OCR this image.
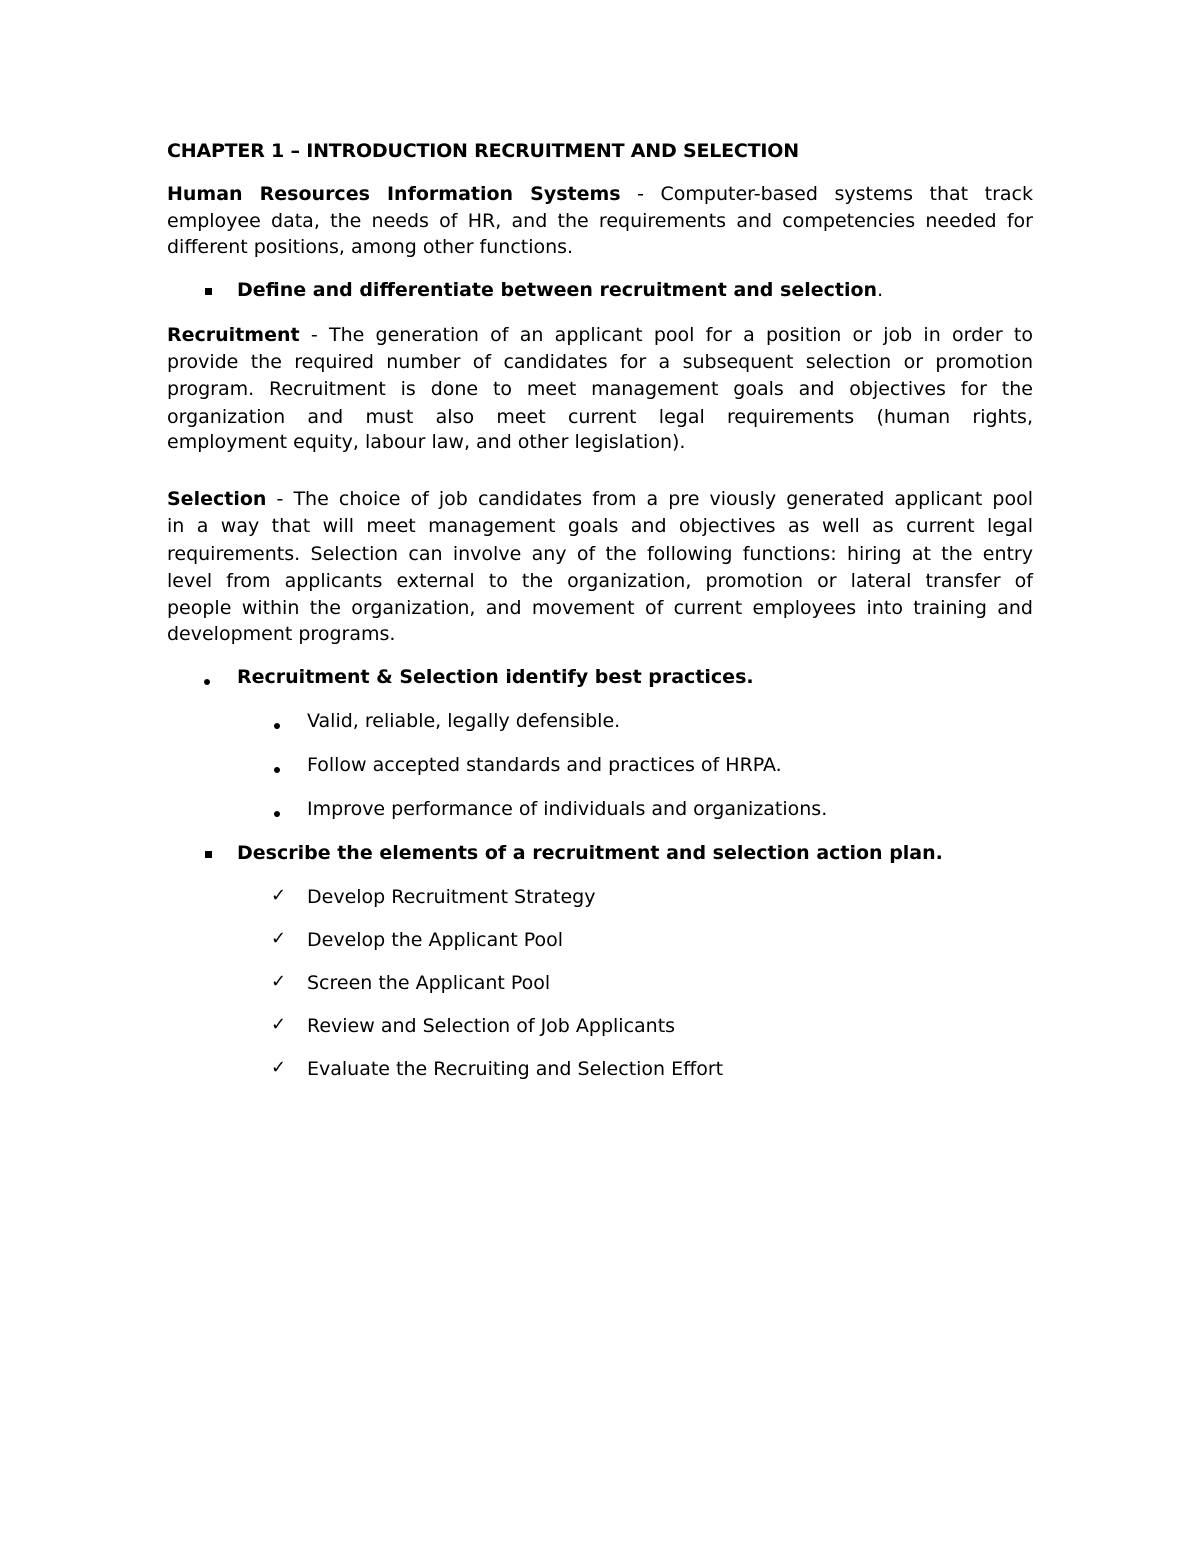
CHAPTER 1 – INTRODUCTION RECRUITMENT AND SELECTION
Human Resources Information Systems - Computer-based systems that track
employee data, the needs of HR, and the requirements and competencies needed for
different positions, among other functions.
Define and differentiate between recruitment and selection.
Recruitment - The generation of an applicant pool for a position or job in order to
provide the required number of candidates for a subsequent selection or promotion
program. Recruitment is done to meet management goals and objectives for the
organization and must also meet current legal requirements (human rights,
employment equity, labour law, and other legislation).
Selection - The choice of job candidates from a pre viously generated applicant pool
in a way that will meet management goals and objectives as well as current legal
requirements. Selection can involve any of the following functions: hiring at the entry
level from applicants external to the organization, promotion or lateral transfer of
people within the organization, and movement of current employees into training and
development programs.
Recruitment & Selection identify best practices.
Valid, reliable, legally defensible.
Follow accepted standards and practices of HRPA.
Improve performance of individuals and organizations.
Describe the elements of a recruitment and selection action plan.
✓ Develop Recruitment Strategy
✓ Develop the Applicant Pool
✓ Screen the Applicant Pool
✓ Review and Selection of Job Applicants
✓ Evaluate the Recruiting and Selection Effort
